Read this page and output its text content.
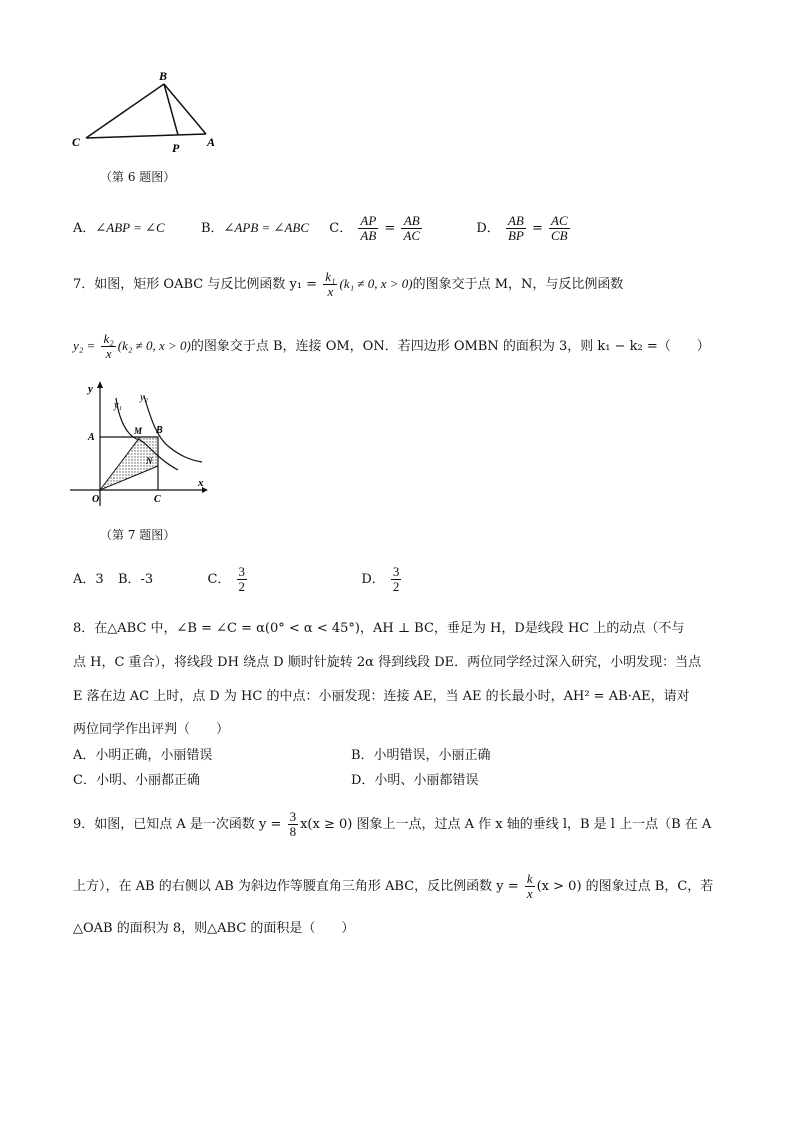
B
C	P A
（第 6 题图）
A．∠ABP = ∠C	B．∠APB = ∠ABC C． $\frac{AP}{AB} = \frac{AB}{AC}$	D． $\frac{AB}{BP} = \frac{AC}{CB}$
7．如图，矩形 OABC 与反比例函数 $y_1 = \frac{\text{k₁}}{x} (k_1 \ne 0$, x > 0)的图象交于点 M，N，与反比例函数
$y_2 = \frac{\text{k₂}}{x} (k_2 \ne 0$, x > 0)的图象交于点 B，连接 OM，ON．若四边形 OMBN 的面积为 3，则 k₁ − k₂ =（　　）
y
y₁
y₂
A
M B
N
O	C
x
（第 7 题图）
A．3 B．-3	C． $\frac{3}{2}$	D． $\frac{3}{2}$
8．在△ABC 中，∠B = ∠C = α(0° < α < 45°)，AH ⊥ BC，垂足为 H，D是线段 HC 上的动点（不与
点 H，C 重合），将线段 DH 绕点 D 顺时针旋转 2α 得到线段 DE．两位同学经过深入研究，小明发现：当点
E 落在边 AC 上时，点 D 为 HC 的中点：小丽发现：连接 AE，当 AE 的长最小时，AH² = AB·AE，请对
两位同学作出评判（　　）
A．小明正确，小丽错误	B．小明错误，小丽正确
C．小明、小丽都正确	D．小明、小丽都错误
9．如图，已知点 A 是一次函数 $y = \frac{3}{8} x(x \ge 0)$ 图象上一点，过点 A 作 x 轴的垂线 l，B 是 l 上一点（B 在 A
上方），在 AB 的右侧以 AB 为斜边作等腰直角三角形 ABC，反比例函数 $y = \frac{k}{x} (x > 0)$ 的图象过点 B，C，若
△OAB 的面积为 8，则△ABC 的面积是（　　）
